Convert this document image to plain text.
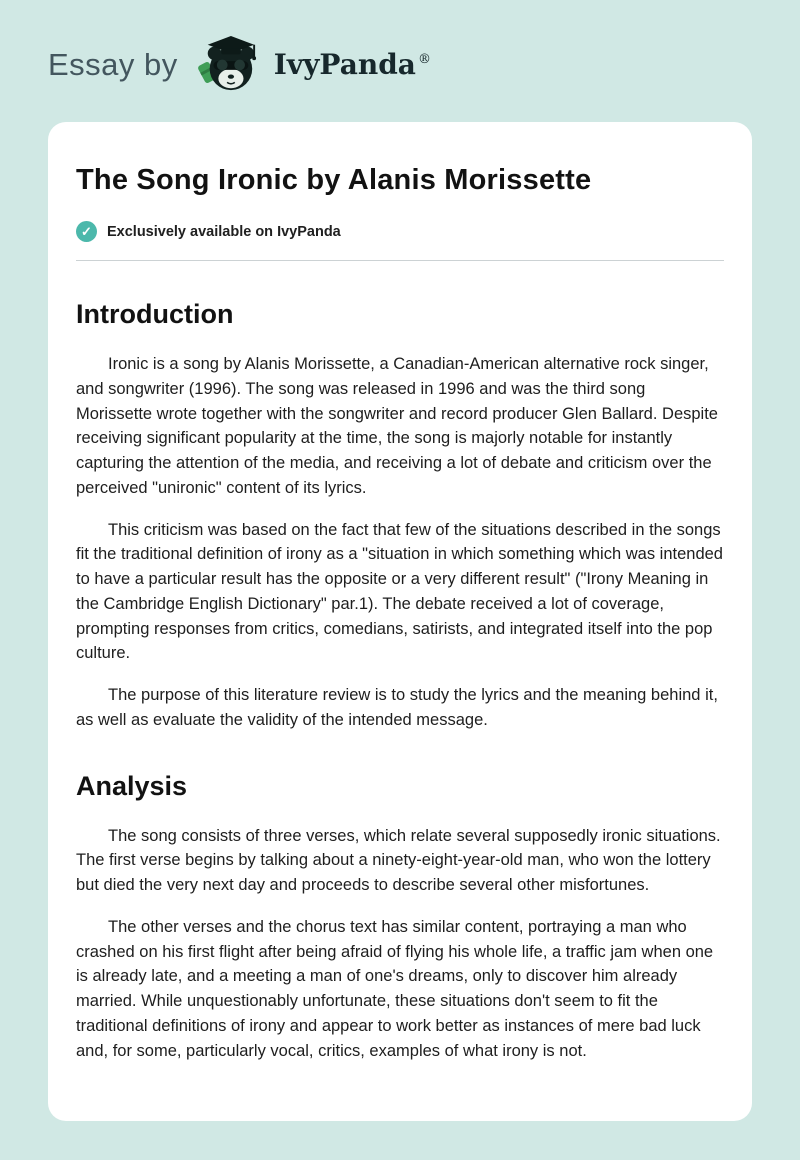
Essay by	IvyPanda®
The Song Ironic by Alanis Morissette
✓	Exclusively available on IvyPanda
Introduction

Ironic is a song by Alanis Morissette, a Canadian-American alternative rock singer, and songwriter (1996). The song was released in 1996 and was the third song Morissette wrote together with the songwriter and record producer Glen Ballard. Despite receiving significant popularity at the time, the song is majorly notable for instantly capturing the attention of the media, and receiving a lot of debate and criticism over the perceived "unironic" content of its lyrics.

This criticism was based on the fact that few of the situations described in the songs fit the traditional definition of irony as a "situation in which something which was intended to have a particular result has the opposite or a very different result" ("Irony Meaning in the Cambridge English Dictionary" par.1). The debate received a lot of coverage, prompting responses from critics, comedians, satirists, and integrated itself into the pop culture.

The purpose of this literature review is to study the lyrics and the meaning behind it, as well as evaluate the validity of the intended message.

Analysis

The song consists of three verses, which relate several supposedly ironic situations. The first verse begins by talking about a ninety-eight-year-old man, who won the lottery but died the very next day and proceeds to describe several other misfortunes.

The other verses and the chorus text has similar content, portraying a man who crashed on his first flight after being afraid of flying his whole life, a traffic jam when one is already late, and a meeting a man of one's dreams, only to discover him already married. While unquestionably unfortunate, these situations don't seem to fit the traditional definitions of irony and appear to work better as instances of mere bad luck and, for some, particularly vocal, critics, examples of what irony is not.
